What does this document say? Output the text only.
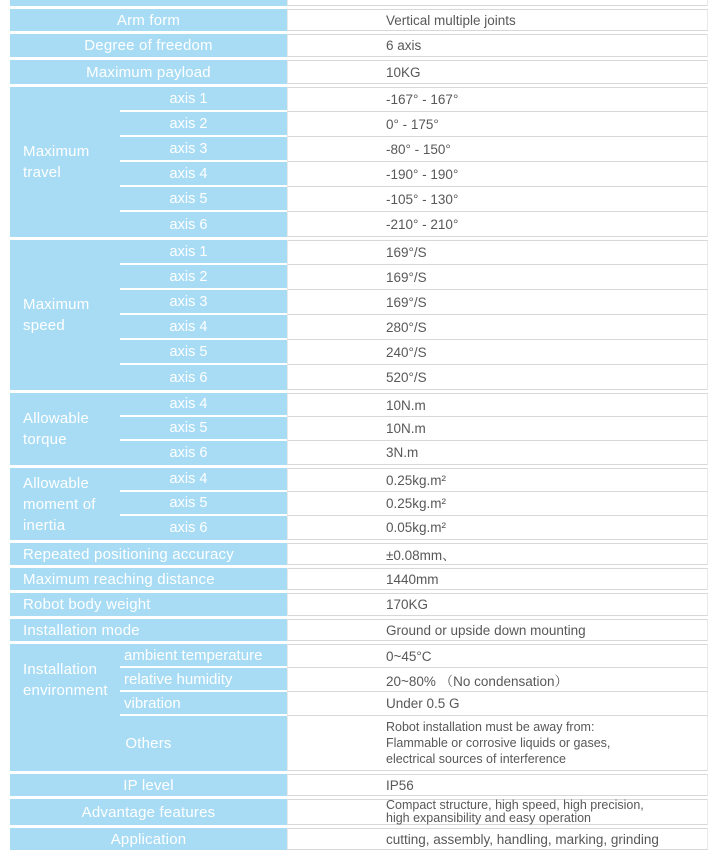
Arm form	Vertical multiple joints
Degree of freedom	6 axis
Maximum payload	10KG
Maximum travel
axis 1	-167° - 167°
axis 2	0° - 175°
axis 3	-80° - 150°
axis 4	-190° - 190°
axis 5	-105° - 130°
axis 6	-210° - 210°
Maximum speed
axis 1	169°/S
axis 2	169°/S
axis 3	169°/S
axis 4	280°/S
axis 5	240°/S
axis 6	520°/S
Allowable torque
axis 4	10N.m
axis 5	10N.m
axis 6	3N.m
Allowable moment of inertia
axis 4	0.25kg.m²
axis 5	0.25kg.m²
axis 6	0.05kg.m²
Repeated positioning accuracy	±0.08mm、
Maximum reaching distance	1440mm
Robot body weight	170KG
Installation mode	Ground or upside down mounting
Installation environment
ambient temperature	0~45°C
relative humidity	20~80% （No condensation）
vibration	Under 0.5 G
Others
Robot installation must be away from:
Flammable or corrosive liquids or gases,
electrical sources of interference
IP level	IP56
Advantage features	Compact structure, high speed, high precision,
high expansibility and easy operation
Application	cutting, assembly, handling, marking, grinding
